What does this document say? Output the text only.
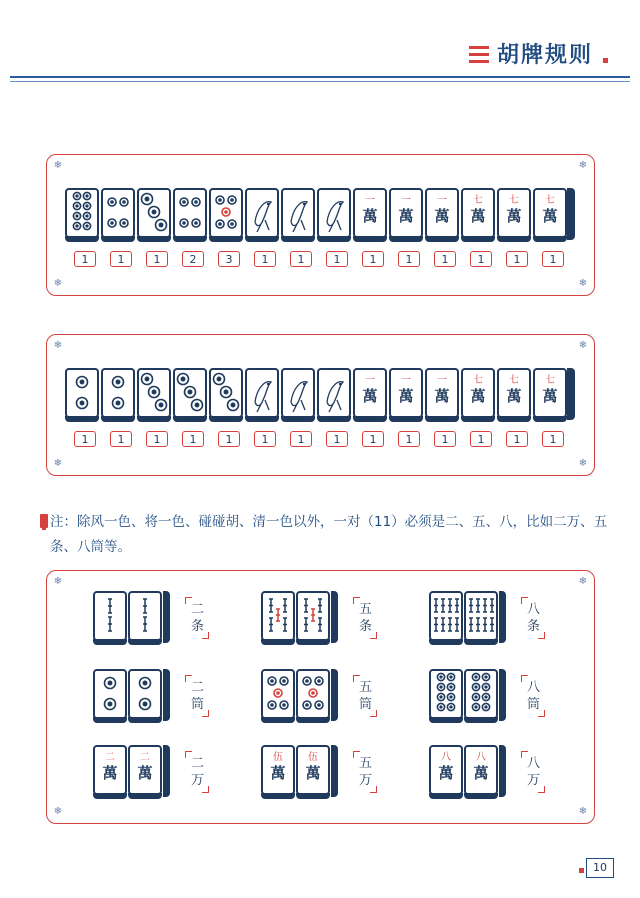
胡牌规则
❄	❄
❄	❄
一
萬
一
萬
一
萬
七
萬
七
萬
七
萬
1	1	1	2	3	1	1	1	1	1	1	1	1	1
❄	❄
❄	❄
一
萬
一
萬
一
萬
七
萬
七
萬
七
萬
1	1	1	1	1	1	1	1	1	1	1	1	1	1
注：除风一色、将一色、碰碰胡、清一色以外，一对（11）必须是二、五、八，比如二万、五条、八筒等。
❄	❄
❄	❄
二
条
五
条
八
条
二
筒
五
筒
八
筒
二
萬
二
萬
二
万
伍
萬
伍
萬
五
万
八
萬
八
萬
八
万
10
